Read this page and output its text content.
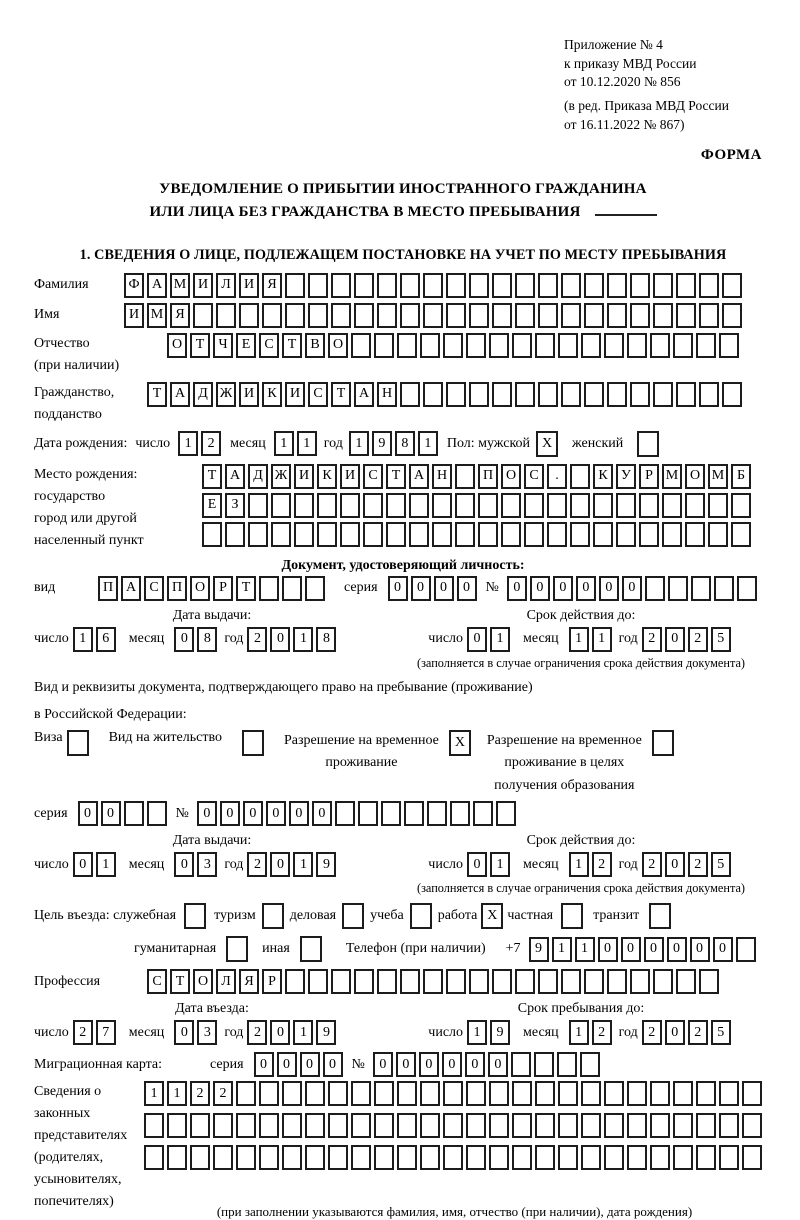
Приложение № 4
к приказу МВД России
от 10.12.2020 № 856
(в ред. Приказа МВД России
от 16.11.2022 № 867)
ФОРМА
УВЕДОМЛЕНИЕ О ПРИБЫТИИ ИНОСТРАННОГО ГРАЖДАНИНА
ИЛИ ЛИЦА БЕЗ ГРАЖДАНСТВА В МЕСТО ПРЕБЫВАНИЯ
1. СВЕДЕНИЯ О ЛИЦЕ, ПОДЛЕЖАЩЕМ ПОСТАНОВКЕ НА УЧЕТ ПО МЕСТУ ПРЕБЫВАНИЯ
Фамилия	Ф А М И Л И Я
Имя	И М Я
Отчество
(при наличии)
О Т	Ч	Е	С	Т	В О
Гражданство,
подданство
Т А Д Ж И К И С	Т А Н
Дата рождения: число	1	2	месяц	1	1 год 1	9	8	1	Пол: мужской X	женский
Место рождения:
государство
город или другой
населенный пункт
Т А Д Ж И К И С	Т А Н	П О С	.	К У	Р М О М Б
Е	З
Документ, удостоверяющий личность:
вид	П А С П О	Р	Т	серия	0	0	0	0	№	0	0	0	0	0	0
Дата выдачи:
число 1	6	месяц	0	8 год 2	0	1	8
Срок действия до:
число 0	1	месяц	1	1 год 2	0	2	5
(заполняется в случае ограничения срока действия документа)
Вид и реквизиты документа, подтверждающего право на пребывание (проживание)
в Российской Федерации:
Виза	Вид на жительство	Разрешение на временное
проживание
X	Разрешение на временное
проживание в целях
получения образования
серия	0	0	№	0	0	0	0	0	0
Дата выдачи:
число 0	1	месяц	0	3 год 2	0	1	9
Срок действия до:
число 0	1	месяц	1	2 год 2	0	2	5
(заполняется в случае ограничения срока действия документа)
Цель въезда: служебная	туризм деловая учеба работа X частная	транзит
гуманитарная	иная	Телефон (при наличии) +7	9	1	1	0	0	0	0	0	0
Профессия	С	Т О Л Я	Р
Дата въезда:
число 2	7	месяц	0	3 год 2	0	1	9
Срок пребывания до:
число 1	9	месяц	1	2 год 2	0	2	5
Миграционная карта:	серия	0	0	0	0	№	0	0	0	0	0	0
Сведения о
законных
представителях
(родителях,
усыновителях,
попечителях)
1	1	2	2
(при заполнении указываются фамилия, имя, отчество (при наличии), дата рождения)
